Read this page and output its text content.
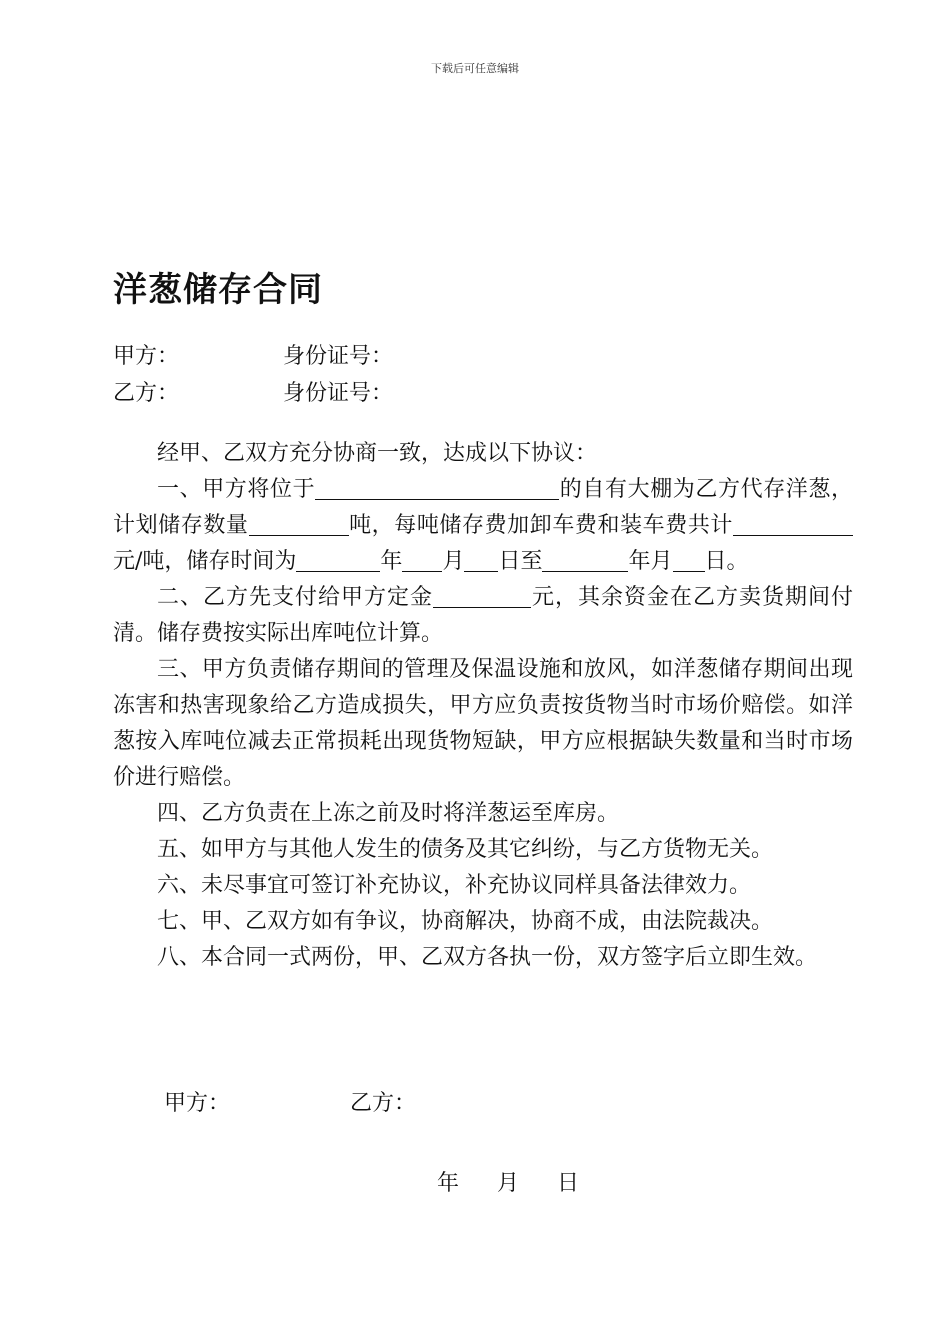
下载后可任意编辑
洋葱储存合同
甲方：	身份证号：
乙方：	身份证号：

经甲、乙双方充分协商一致，达成以下协议：

一、甲方将位于	的自有大棚为乙方代存洋葱，计划储存数量	吨，每吨储存费加卸车费和装车费共计元/吨，储存时间为	年 月 日至	年月 日。

二、乙方先支付给甲方定金	元，其余资金在乙方卖货期间付清。储存费按实际出库吨位计算。

三、甲方负责储存期间的管理及保温设施和放风，如洋葱储存期间出现冻害和热害现象给乙方造成损失，甲方应负责按货物当时市场价赔偿。如洋葱按入库吨位减去正常损耗出现货物短缺，甲方应根据缺失数量和当时市场价进行赔偿。

四、乙方负责在上冻之前及时将洋葱运至库房。

五、如甲方与其他人发生的债务及其它纠纷，与乙方货物无关。

六、未尽事宜可签订补充协议，补充协议同样具备法律效力。

七、甲、乙双方如有争议，协商解决，协商不成，由法院裁决。

八、本合同一式两份，甲、乙双方各执一份，双方签字后立即生效。

甲方：	乙方：
年 月 日
